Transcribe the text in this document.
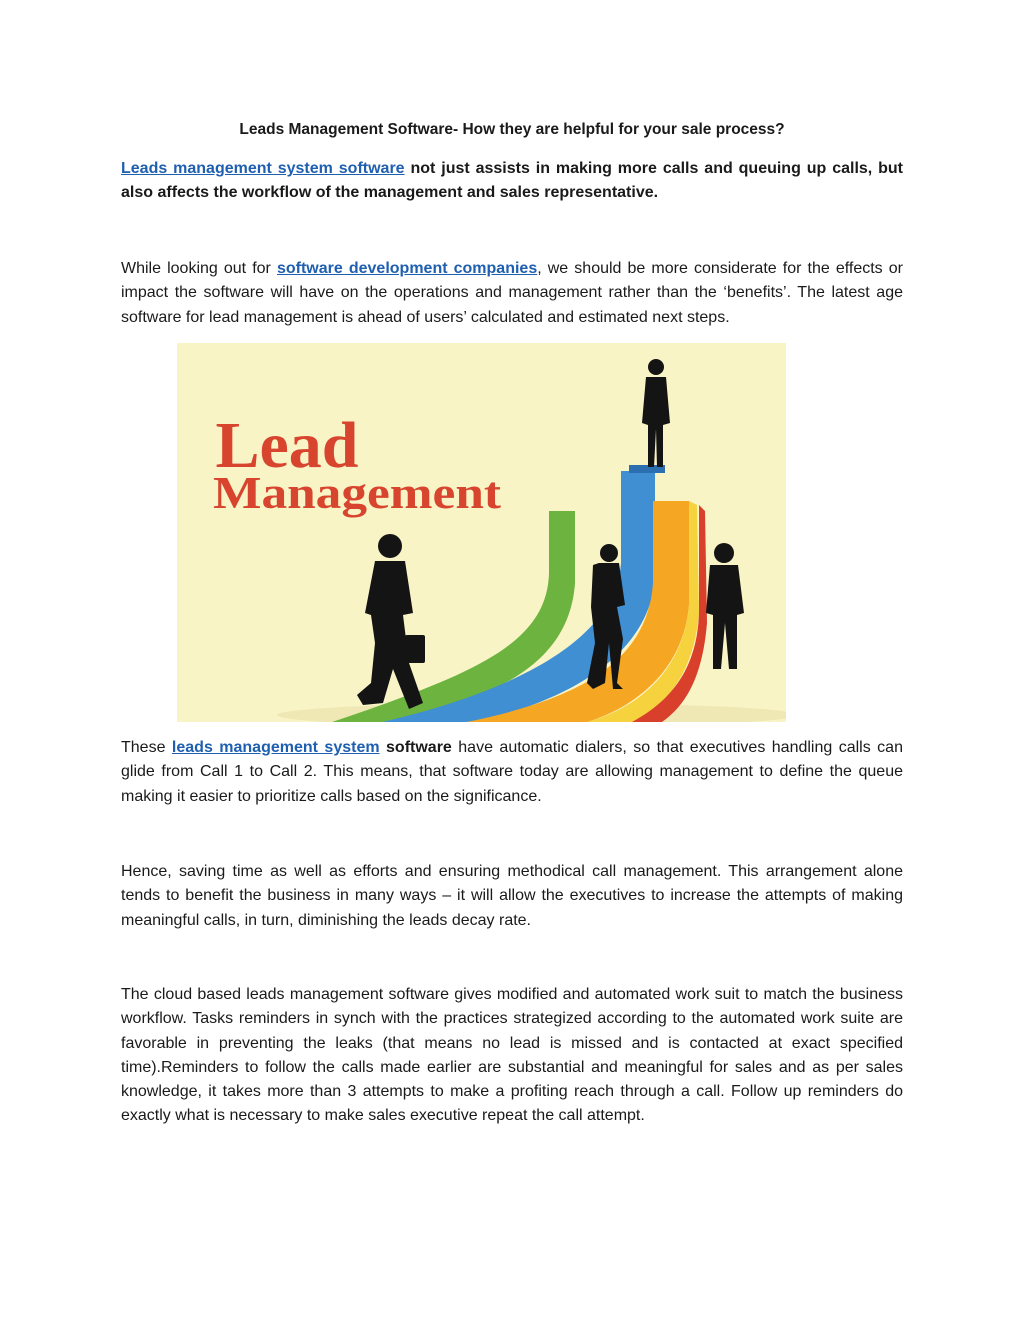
Leads Management Software- How they are helpful for your sale process?

Leads management system software not just assists in making more calls and queuing up calls, but also affects the workflow of the management and sales representative.

While looking out for software development companies, we should be more considerate for the effects or impact the software will have on the operations and management rather than the ‘benefits’. The latest age software for lead management is ahead of users’ calculated and estimated next steps.

Lead
Management

These leads management system software have automatic dialers, so that executives handling calls can glide from Call 1 to Call 2. This means, that software today are allowing management to define the queue making it easier to prioritize calls based on the significance.

Hence, saving time as well as efforts and ensuring methodical call management. This arrangement alone tends to benefit the business in many ways – it will allow the executives to increase the attempts of making meaningful calls, in turn, diminishing the leads decay rate.

The cloud based leads management software gives modified and automated work suit to match the business workflow. Tasks reminders in synch with the practices strategized according to the automated work suite are favorable in preventing the leaks (that means no lead is missed and is contacted at exact specified time).Reminders to follow the calls made earlier are substantial and meaningful for sales and as per sales knowledge, it takes more than 3 attempts to make a profiting reach through a call. Follow up reminders do exactly what is necessary to make sales executive repeat the call attempt.
